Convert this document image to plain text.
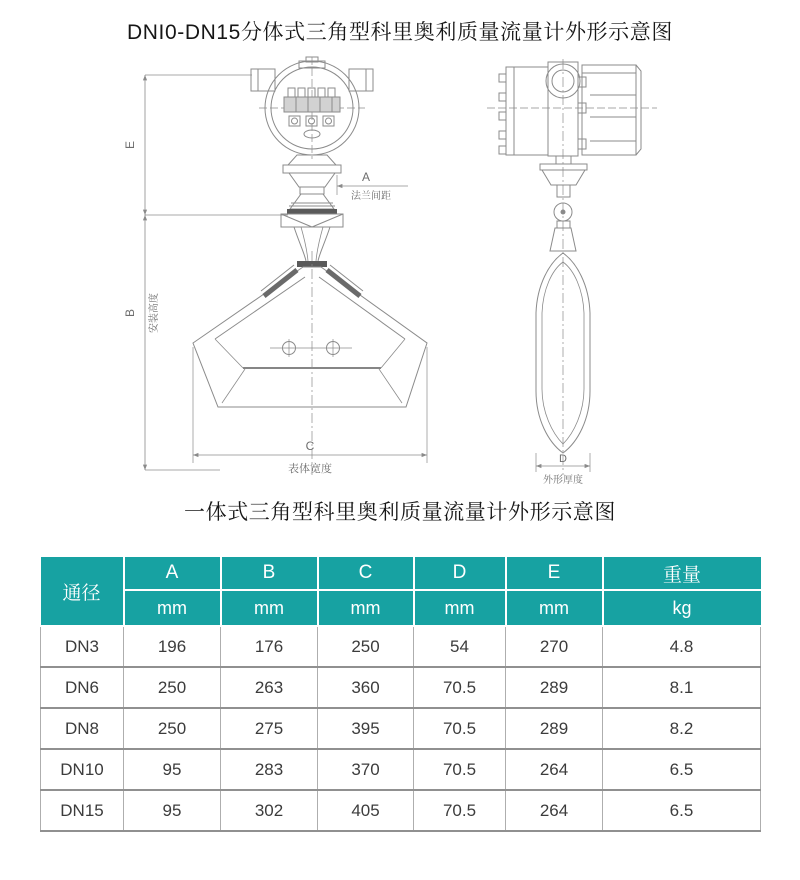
DNI0-DN15分体式三角型科里奥利质量流量计外形示意图
E
B 安装高度
A
法兰间距
C
表体宽度
D
外形厚度
一体式三角型科里奥利质量流量计外形示意图
通径	A	B	C	D	E	重量
	mm	mm	mm	mm	mm	kg
DN3	196	176	250	54	270	4.8
DN6	250	263	360	70.5	289	8.1
DN8	250	275	395	70.5	289	8.2
DN10	95	283	370	70.5	264	6.5
DN15	95	302	405	70.5	264	6.5
